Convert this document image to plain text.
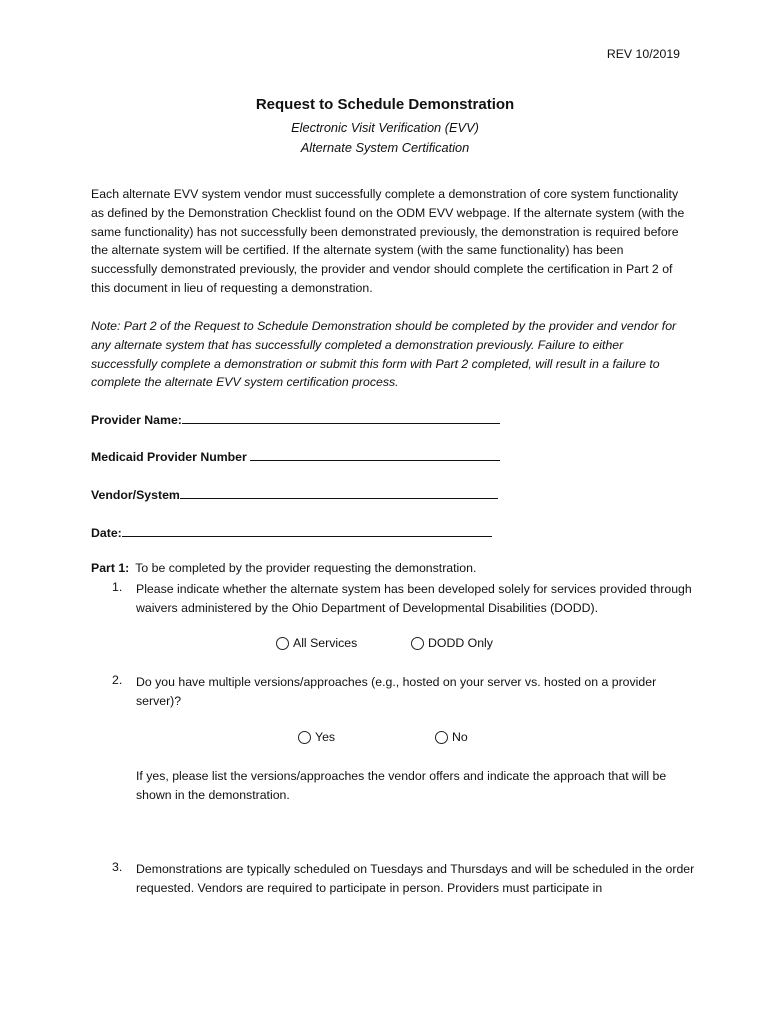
REV 10/2019
Request to Schedule Demonstration
Electronic Visit Verification (EVV)
Alternate System Certification
Each alternate EVV system vendor must successfully complete a demonstration of core system functionality as defined by the Demonstration Checklist found on the ODM EVV webpage. If the alternate system (with the same functionality) has not successfully been demonstrated previously, the demonstration is required before the alternate system will be certified. If the alternate system (with the same functionality) has been successfully demonstrated previously, the provider and vendor should complete the certification in Part 2 of this document in lieu of requesting a demonstration.
Note: Part 2 of the Request to Schedule Demonstration should be completed by the provider and vendor for any alternate system that has successfully completed a demonstration previously. Failure to either successfully complete a demonstration or submit this form with Part 2 completed, will result in a failure to complete the alternate EVV system certification process.
Provider Name:
Medicaid Provider Number
Vendor/System
Date:
Part 1: To be completed by the provider requesting the demonstration.
1. Please indicate whether the alternate system has been developed solely for services provided through waivers administered by the Ohio Department of Developmental Disabilities (DODD).
All Services	DODD Only
2. Do you have multiple versions/approaches (e.g., hosted on your server vs. hosted on a provider server)?
Yes	No
If yes, please list the versions/approaches the vendor offers and indicate the approach that will be shown in the demonstration.
3. Demonstrations are typically scheduled on Tuesdays and Thursdays and will be scheduled in the order requested. Vendors are required to participate in person. Providers must participate in
